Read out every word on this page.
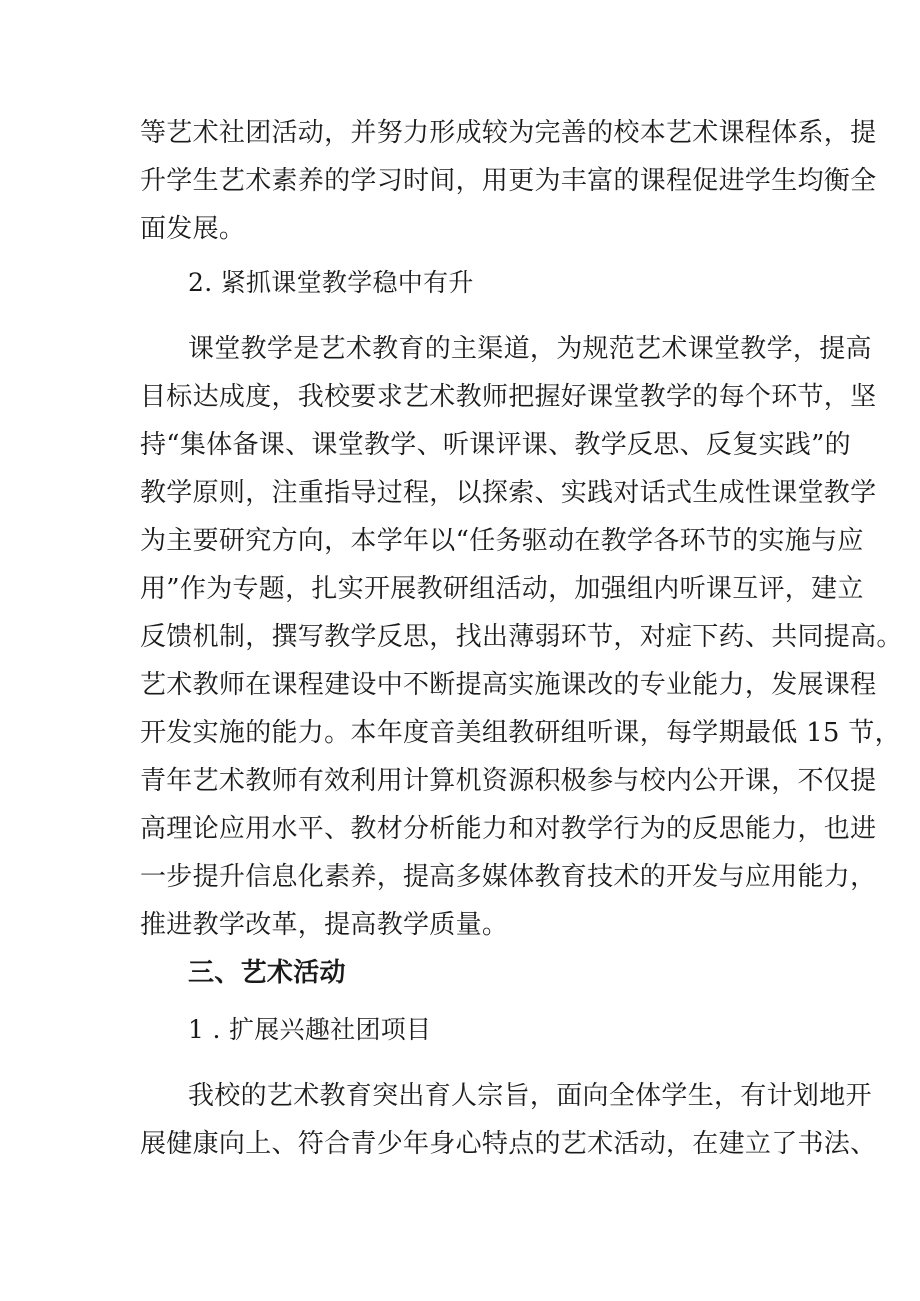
等艺术社团活动，并努力形成较为完善的校本艺术课程体系，提
升学生艺术素养的学习时间，用更为丰富的课程促进学生均衡全
面发展。
2. 紧抓课堂教学稳中有升
课堂教学是艺术教育的主渠道，为规范艺术课堂教学，提高
目标达成度，我校要求艺术教师把握好课堂教学的每个环节，坚
持“集体备课、课堂教学、听课评课、教学反思、反复实践”的
教学原则，注重指导过程，以探索、实践对话式生成性课堂教学
为主要研究方向，本学年以“任务驱动在教学各环节的实施与应
用”作为专题，扎实开展教研组活动，加强组内听课互评，建立
反馈机制，撰写教学反思，找出薄弱环节，对症下药、共同提高。
艺术教师在课程建设中不断提高实施课改的专业能力，发展课程
开发实施的能力。本年度音美组教研组听课，每学期最低 15 节，
青年艺术教师有效利用计算机资源积极参与校内公开课，不仅提
高理论应用水平、教材分析能力和对教学行为的反思能力，也进
一步提升信息化素养，提高多媒体教育技术的开发与应用能力，
推进教学改革，提高教学质量。
三、艺术活动
1 . 扩展兴趣社团项目
我校的艺术教育突出育人宗旨，面向全体学生，有计划地开
展健康向上、符合青少年身心特点的艺术活动，在建立了书法、
